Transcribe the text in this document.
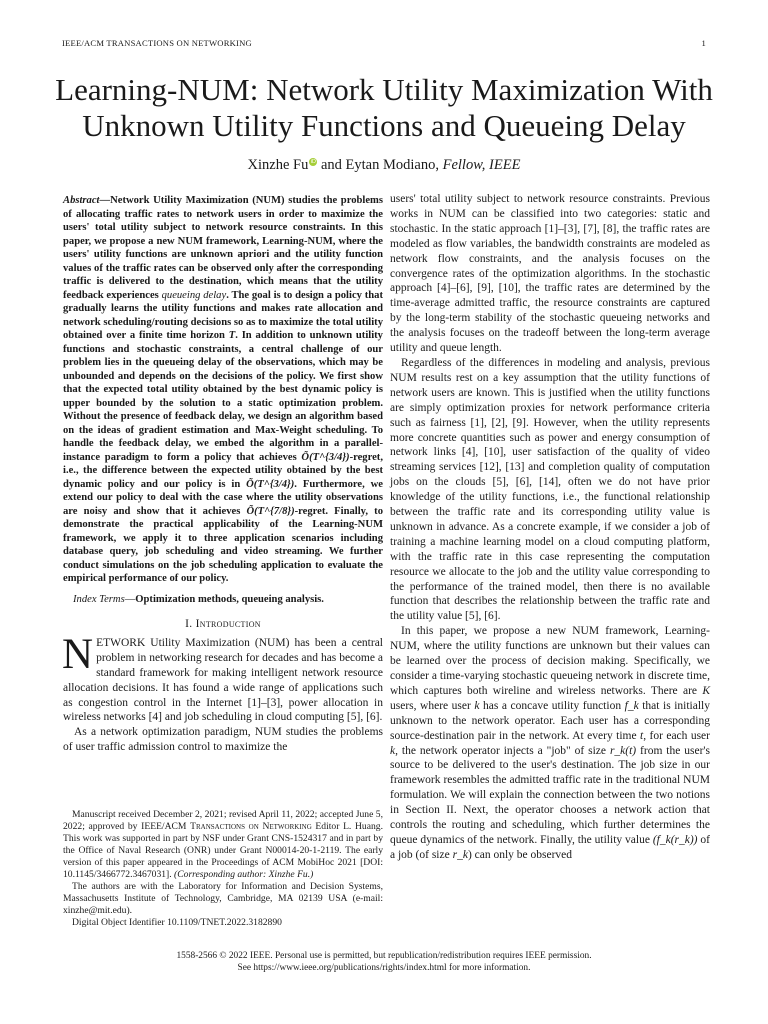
IEEE/ACM TRANSACTIONS ON NETWORKING	1
Learning-NUM: Network Utility Maximization With
Unknown Utility Functions and Queueing Delay
Xinzhe Fu iD and Eytan Modiano, Fellow, IEEE

Abstract—Network Utility Maximization (NUM) studies the problems of allocating traffic rates to network users in order to maximize the users' total utility subject to network resource constraints. In this paper, we propose a new NUM framework, Learning-NUM, where the users' utility functions are unknown apriori and the utility function values of the traffic rates can be observed only after the corresponding traffic is delivered to the destination, which means that the utility feedback experiences queueing delay. The goal is to design a policy that gradually learns the utility functions and makes rate allocation and network scheduling/routing decisions so as to maximize the total utility obtained over a finite time horizon T. In addition to unknown utility functions and stochastic constraints, a central challenge of our problem lies in the queueing delay of the observations, which may be unbounded and depends on the decisions of the policy. We first show that the expected total utility obtained by the best dynamic policy is upper bounded by the solution to a static optimization problem. Without the presence of feedback delay, we design an algorithm based on the ideas of gradient estimation and Max-Weight scheduling. To handle the feedback delay, we embed the algorithm in a parallel-instance paradigm to form a policy that achieves Õ(T^{3/4})-regret, i.e., the difference between the expected utility obtained by the best dynamic policy and our policy is in Õ(T^{3/4}). Furthermore, we extend our policy to deal with the case where the utility observations are noisy and show that it achieves Õ(T^{7/8})-regret. Finally, to demonstrate the practical applicability of the Learning-NUM framework, we apply it to three application scenarios including database query, job scheduling and video streaming. We further conduct simulations on the job scheduling application to evaluate the empirical performance of our policy.

Index Terms—Optimization methods, queueing analysis.

I. Introduction

NETWORK Utility Maximization (NUM) has been a central problem in networking research for decades and has become a standard framework for making intelligent network resource allocation decisions. It has found a wide range of applications such as congestion control in the Internet [1]–[3], power allocation in wireless networks [4] and job scheduling in cloud computing [5], [6].

As a network optimization paradigm, NUM studies the problems of user traffic admission control to maximize the

Manuscript received December 2, 2021; revised April 11, 2022; accepted June 5, 2022; approved by IEEE/ACM Transactions on Networking Editor L. Huang. This work was supported in part by NSF under Grant CNS-1524317 and in part by the Office of Naval Research (ONR) under Grant N00014-20-1-2119. The early version of this paper appeared in the Proceedings of ACM MobiHoc 2021 [DOI: 10.1145/3466772.3467031]. (Corresponding author: Xinzhe Fu.)

The authors are with the Laboratory for Information and Decision Systems, Massachusetts Institute of Technology, Cambridge, MA 02139 USA (e-mail: xinzhe@mit.edu).

Digital Object Identifier 10.1109/TNET.2022.3182890

users' total utility subject to network resource constraints. Previous works in NUM can be classified into two categories: static and stochastic. In the static approach [1]–[3], [7], [8], the traffic rates are modeled as flow variables, the bandwidth constraints are modeled as network flow constraints, and the analysis focuses on the convergence rates of the optimization algorithms. In the stochastic approach [4]–[6], [9], [10], the traffic rates are determined by the time-average admitted traffic, the resource constraints are captured by the long-term stability of the stochastic queueing networks and the analysis focuses on the tradeoff between the long-term average utility and queue length.

Regardless of the differences in modeling and analysis, previous NUM results rest on a key assumption that the utility functions of network users are known. This is justified when the utility functions are simply optimization proxies for network performance criteria such as fairness [1], [2], [9]. However, when the utility represents more concrete quantities such as power and energy consumption of network links [4], [10], user satisfaction of the quality of video streaming services [12], [13] and completion quality of computation jobs on the clouds [5], [6], [14], often we do not have prior knowledge of the utility functions, i.e., the functional relationship between the traffic rate and its corresponding utility value is unknown in advance. As a concrete example, if we consider a job of training a machine learning model on a cloud computing platform, with the traffic rate in this case representing the computation resource we allocate to the job and the utility value corresponding to the performance of the trained model, then there is no available function that describes the relationship between the traffic rate and the utility value [5], [6].

In this paper, we propose a new NUM framework, Learning-NUM, where the utility functions are unknown but their values can be learned over the process of decision making. Specifically, we consider a time-varying stochastic queueing network in discrete time, which captures both wireline and wireless networks. There are K users, where user k has a concave utility function f_k that is initially unknown to the network operator. Each user has a corresponding source-destination pair in the network. At every time t, for each user k, the network operator injects a "job" of size r_k(t) from the user's source to be delivered to the user's destination. The job size in our framework resembles the admitted traffic rate in the traditional NUM formulation. We will explain the connection between the two notions in Section II. Next, the operator chooses a network action that controls the routing and scheduling, which further determines the queue dynamics of the network. Finally, the utility value (f_k(r_k)) of a job (of size r_k) can only be observed

1558-2566 © 2022 IEEE. Personal use is permitted, but republication/redistribution requires IEEE permission.
See https://www.ieee.org/publications/rights/index.html for more information.
